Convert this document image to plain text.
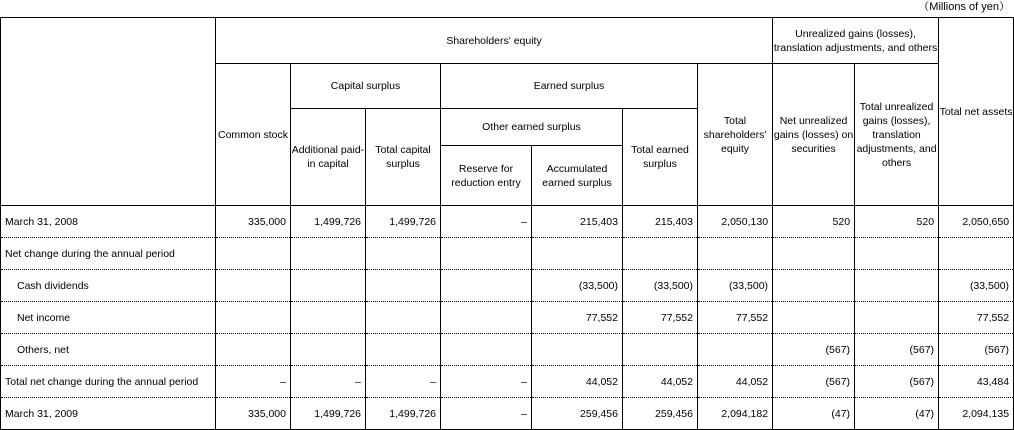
（Millions of yen）
	Shareholders' equity							Unrealized gains (losses), translation adjustments, and others		Total net assets
	Common stock	Capital surplus		Earned surplus			Total shareholders' equity	Net unrealized gains (losses) on securities	Total unrealized gains (losses), translation adjustments, and others	
		Additional paid-in capital	Total capital surplus	Other earned surplus		Total earned surplus				
				Reserve for reduction entry	Accumulated earned surplus					
March 31, 2008	335,000	1,499,726	1,499,726	–	215,403	215,403	2,050,130	520	520	2,050,650
Net change during the annual period										
Cash dividends					(33,500)	(33,500)	(33,500)			(33,500)
Net income					77,552	77,552	77,552			77,552
Others, net								(567)	(567)	(567)
Total net change during the annual period	–	–	–	–	44,052	44,052	44,052	(567)	(567)	43,484
March 31, 2009	335,000	1,499,726	1,499,726	–	259,456	259,456	2,094,182	(47)	(47)	2,094,135
